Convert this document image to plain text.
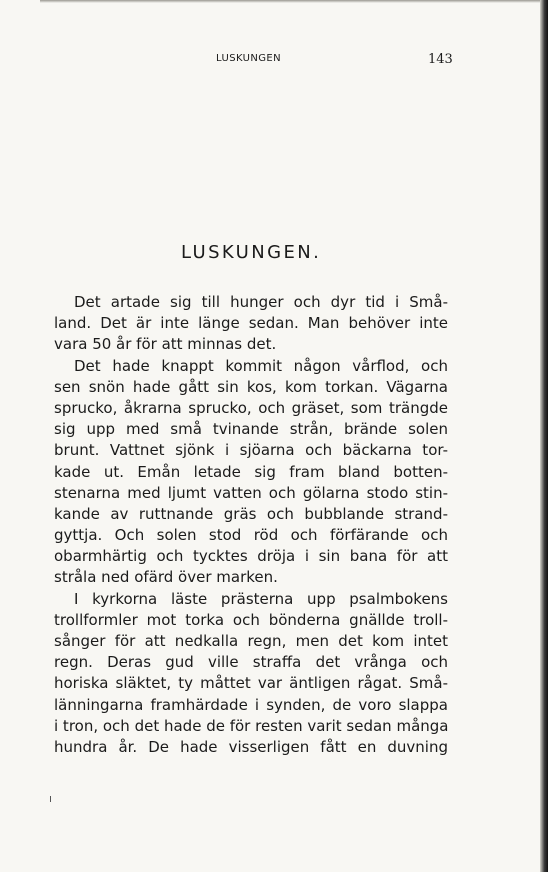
LUSKUNGEN	143
LUSKUNGEN.
Det artade sig till hunger och dyr tid i Små-
land. Det är inte länge sedan. Man behöver inte
vara 50 år för att minnas det.
Det hade knappt kommit någon vårflod, och
sen snön hade gått sin kos, kom torkan. Vägarna
sprucko, åkrarna sprucko, och gräset, som trängde
sig upp med små tvinande strån, brände solen
brunt. Vattnet sjönk i sjöarna och bäckarna tor-
kade ut. Emån letade sig fram bland botten-
stenarna med ljumt vatten och gölarna stodo stin-
kande av ruttnande gräs och bubblande strand-
gyttja. Och solen stod röd och förfärande och
obarmhärtig och tycktes dröja i sin bana för att
stråla ned ofärd över marken.
I kyrkorna läste prästerna upp psalmbokens
trollformler mot torka och bönderna gnällde troll-
sånger för att nedkalla regn, men det kom intet
regn. Deras gud ville straffa det vrånga och
horiska släktet, ty måttet var äntligen rågat. Små-
länningarna framhärdade i synden, de voro slappa
i tron, och det hade de för resten varit sedan många
hundra år. De hade visserligen fått en duvning
